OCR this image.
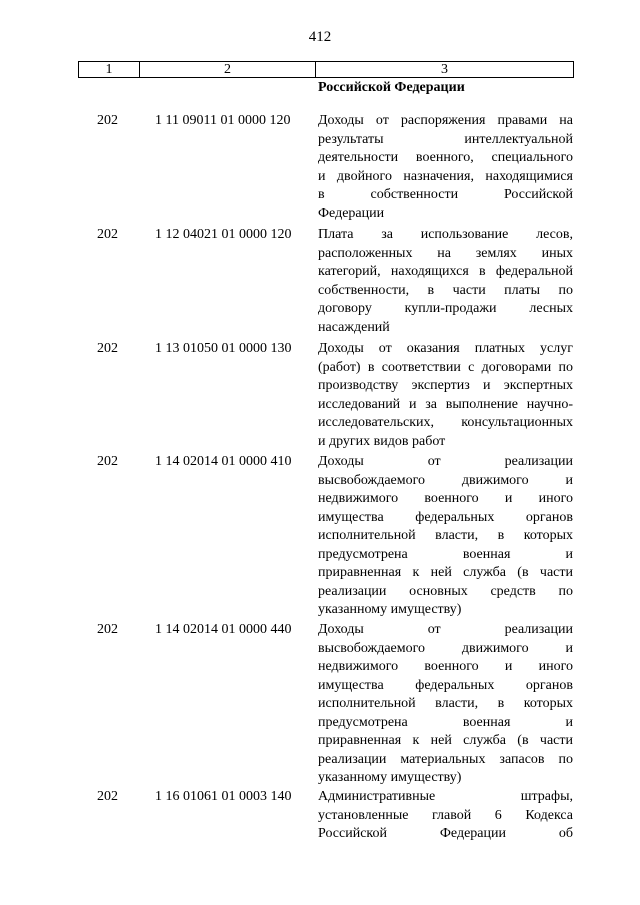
412
1	2	3
Российской Федерации
202	1 11 09011 01 0000 120	Доходы от распоряжения правами на
результаты интеллектуальной
деятельности военного, специального
и двойного назначения, находящимися
в собственности Российской
Федерации
202	1 12 04021 01 0000 120	Плата за использование лесов,
расположенных на землях иных
категорий, находящихся в федеральной
собственности, в части платы по
договору купли-продажи лесных
насаждений
202	1 13 01050 01 0000 130	Доходы от оказания платных услуг
(работ) в соответствии с договорами по
производству экспертиз и экспертных
исследований и за выполнение научно-
исследовательских, консультационных
и других видов работ
202	1 14 02014 01 0000 410	Доходы от реализации
высвобождаемого движимого и
недвижимого военного и иного
имущества федеральных органов
исполнительной власти, в которых
предусмотрена военная и
приравненная к ней служба (в части
реализации основных средств по
указанному имуществу)
202	1 14 02014 01 0000 440	Доходы от реализации
высвобождаемого движимого и
недвижимого военного и иного
имущества федеральных органов
исполнительной власти, в которых
предусмотрена военная и
приравненная к ней служба (в части
реализации материальных запасов по
указанному имуществу)
202	1 16 01061 01 0003 140	Административные штрафы,
установленные главой 6 Кодекса
Российской Федерации об
